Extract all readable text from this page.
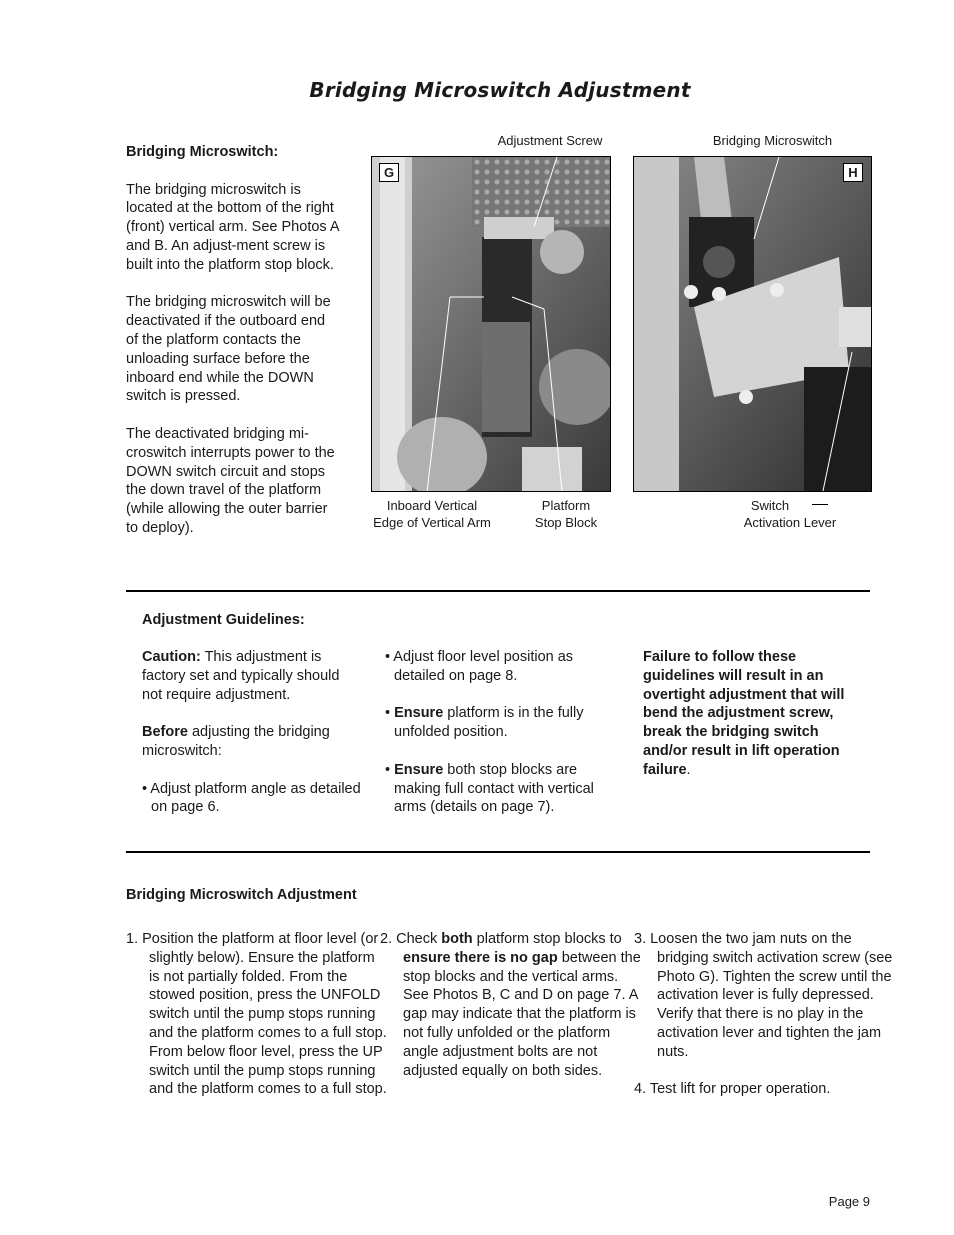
Bridging Microswitch Adjustment

Bridging Microswitch:

The bridging microswitch is located at the bottom of the right (front) vertical arm. See Photos A and B. An adjust-ment screw is built into the platform stop block.

The bridging microswitch will be deactivated if the outboard end of the platform contacts the unloading surface before the inboard end while the DOWN switch is pressed.

The deactivated bridging mi-croswitch interrupts power to the DOWN switch circuit and stops the down travel of the platform (while allowing the outer barrier to deploy).

Adjustment Screw
G
Inboard Vertical
Edge of Vertical Arm
Platform
Stop Block
Bridging Microswitch
H
Switch
Activation Lever
Adjustment Guidelines:

Caution: This adjustment is factory set and typically should not require adjustment.

Before adjusting the bridging microswitch:

• Adjust platform angle as detailed on page 6.

• Adjust floor level position as detailed on page 8.

• Ensure platform is in the fully unfolded position.

• Ensure both stop blocks are making full contact with vertical arms (details on page 7).

Failure to follow these guidelines will result in an overtight adjustment that will bend the adjustment screw, break the bridging switch and/or result in lift operation failure.

Bridging Microswitch Adjustment

1. Position the platform at floor level (or slightly below). Ensure the platform is not partially folded. From the stowed position, press the UNFOLD switch until the pump stops running and the platform comes to a full stop. From below floor level, press the UP switch until the pump stops running and the platform comes to a full stop.

2. Check both platform stop blocks to ensure there is no gap between the stop blocks and the vertical arms. See Photos B, C and D on page 7. A gap may indicate that the platform is not fully unfolded or the platform angle adjustment bolts are not adjusted equally on both sides.

3. Loosen the two jam nuts on the bridging switch activation screw (see Photo G). Tighten the screw until the activation lever is fully depressed. Verify that there is no play in the activation lever and tighten the jam nuts.

4. Test lift for proper operation.

Page 9
